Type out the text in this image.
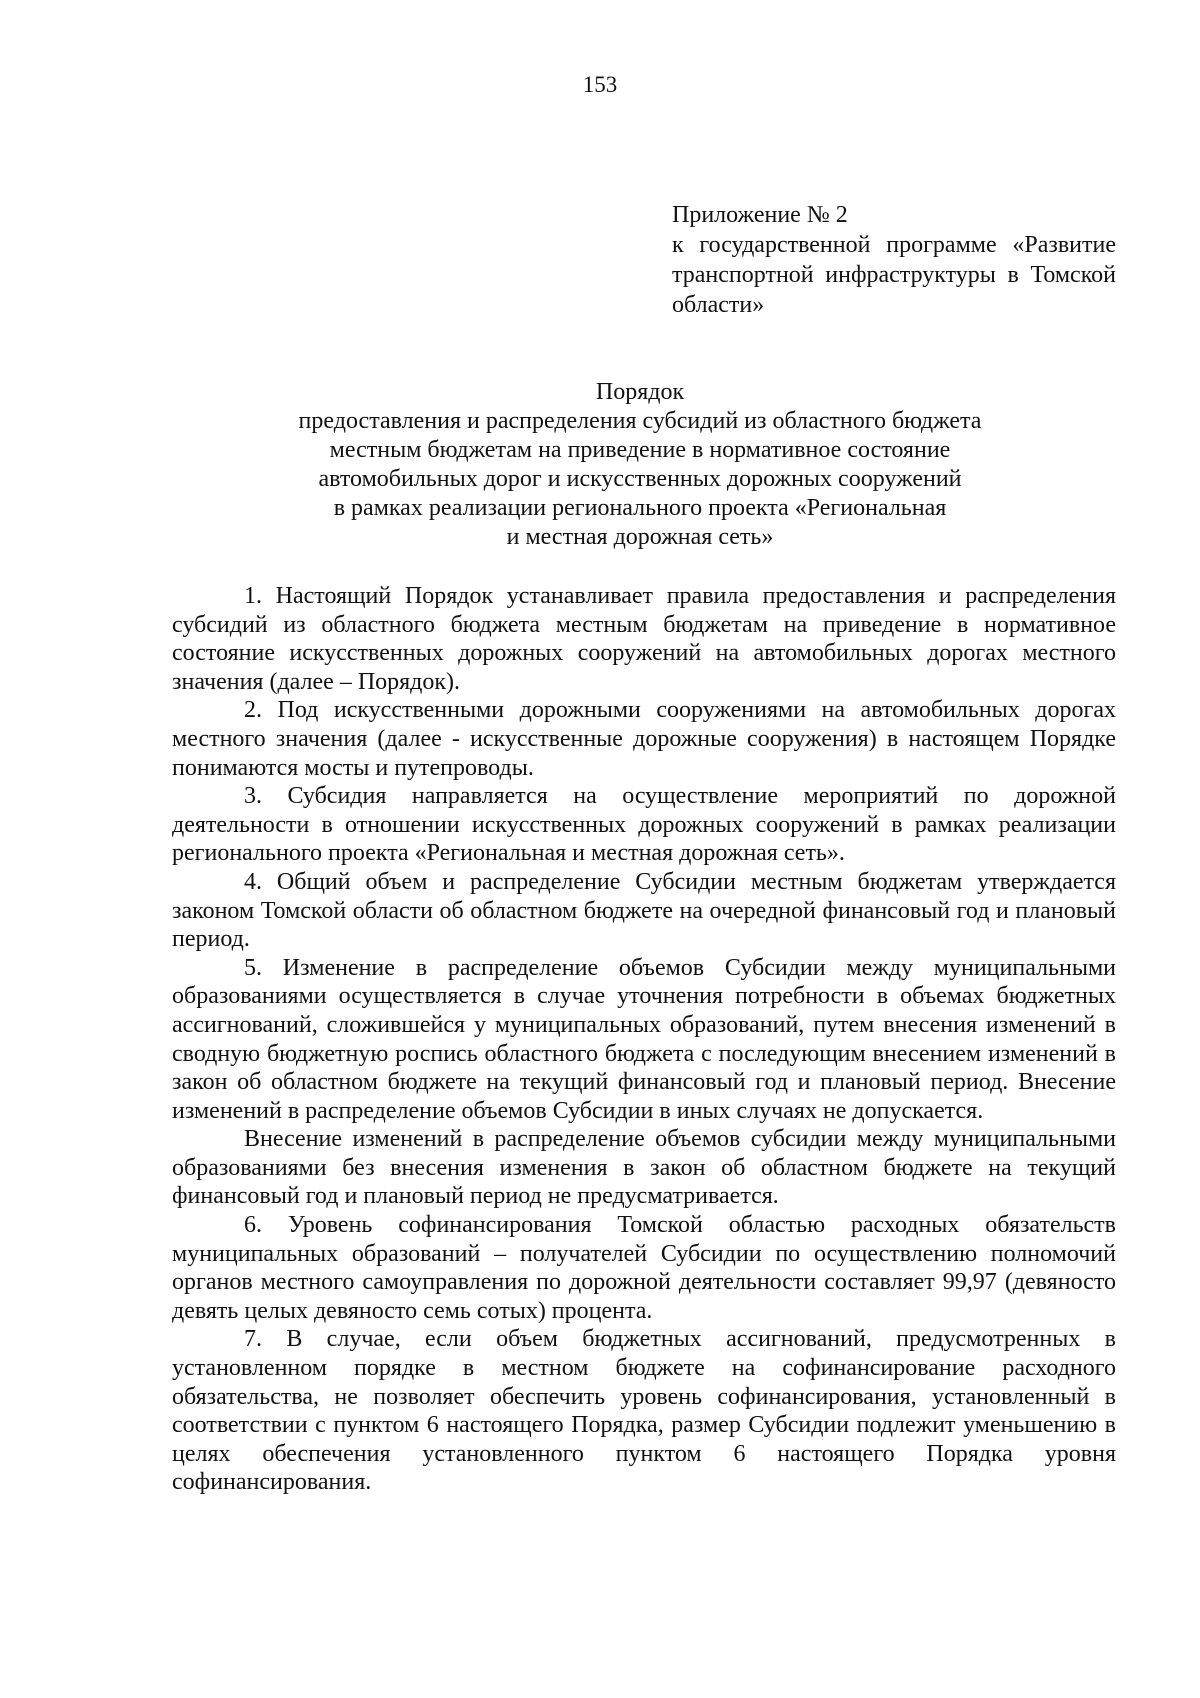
153
Приложение № 2
к государственной программе «Развитие транспортной инфраструктуры в Томской области»
Порядок
предоставления и распределения субсидий из областного бюджета
местным бюджетам на приведение в нормативное состояние
автомобильных дорог и искусственных дорожных сооружений
в рамках реализации регионального проекта «Региональная
и местная дорожная сеть»

1. Настоящий Порядок устанавливает правила предоставления и распределения субсидий из областного бюджета местным бюджетам на приведение в нормативное состояние искусственных дорожных сооружений на автомобильных дорогах местного значения (далее – Порядок).

2. Под искусственными дорожными сооружениями на автомобильных дорогах местного значения (далее - искусственные дорожные сооружения) в настоящем Порядке понимаются мосты и путепроводы.

3. Субсидия направляется на осуществление мероприятий по дорожной деятельности в отношении искусственных дорожных сооружений в рамках реализации регионального проекта «Региональная и местная дорожная сеть».

4. Общий объем и распределение Субсидии местным бюджетам утверждается законом Томской области об областном бюджете на очередной финансовый год и плановый период.

5. Изменение в распределение объемов Субсидии между муниципальными образованиями осуществляется в случае уточнения потребности в объемах бюджетных ассигнований, сложившейся у муниципальных образований, путем внесения изменений в сводную бюджетную роспись областного бюджета с последующим внесением изменений в закон об областном бюджете на текущий финансовый год и плановый период. Внесение изменений в распределение объемов Субсидии в иных случаях не допускается.

Внесение изменений в распределение объемов субсидии между муниципальными образованиями без внесения изменения в закон об областном бюджете на текущий финансовый год и плановый период не предусматривается.

6. Уровень софинансирования Томской областью расходных обязательств муниципальных образований – получателей Субсидии по осуществлению полномочий органов местного самоуправления по дорожной деятельности составляет 99,97 (девяносто девять целых девяносто семь сотых) процента.

7. В случае, если объем бюджетных ассигнований, предусмотренных в установленном порядке в местном бюджете на софинансирование расходного обязательства, не позволяет обеспечить уровень софинансирования, установленный в соответствии с пунктом 6 настоящего Порядка, размер Субсидии подлежит уменьшению в целях обеспечения установленного пунктом 6 настоящего Порядка уровня софинансирования.
